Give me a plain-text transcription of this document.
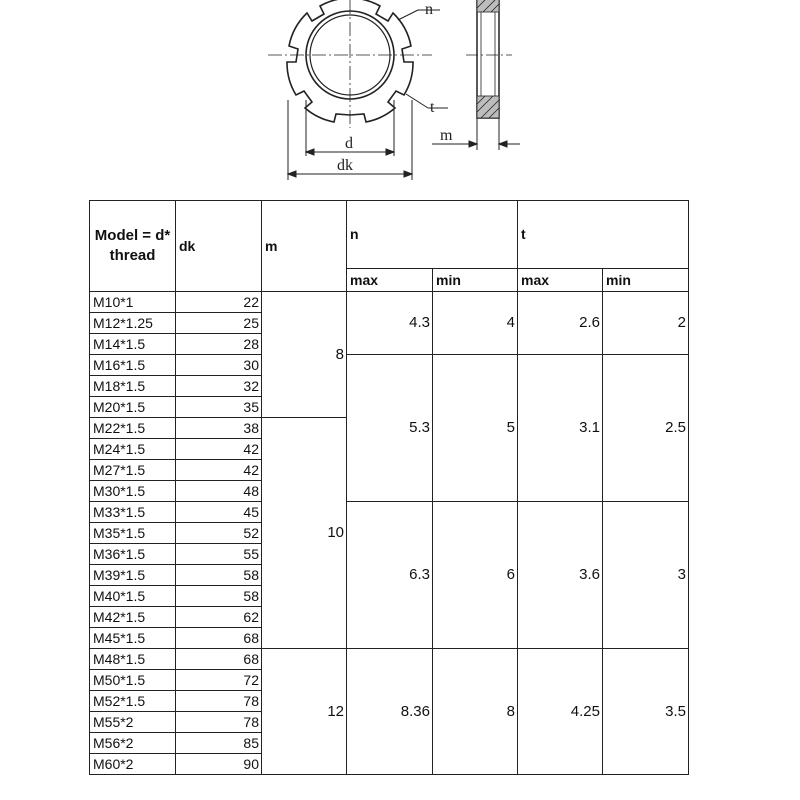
n
t
d
dk
m
Model = d* thread	dk	m	n		t	
			max	min	max	min
M10*1	22	8	4.3	4	2.6	2
M12*1.25	25					
M14*1.5	28					
M16*1.5	30		5.3	5	3.1	2.5
M18*1.5	32					
M20*1.5	35					
M22*1.5	38	10				
M24*1.5	42					
M27*1.5	42					
M30*1.5	48					
M33*1.5	45		6.3	6	3.6	3
M35*1.5	52					
M36*1.5	55					
M39*1.5	58					
M40*1.5	58					
M42*1.5	62					
M45*1.5	68					
M48*1.5	68	12	8.36	8	4.25	3.5
M50*1.5	72					
M52*1.5	78					
M55*2	78					
M56*2	85					
M60*2	90					
